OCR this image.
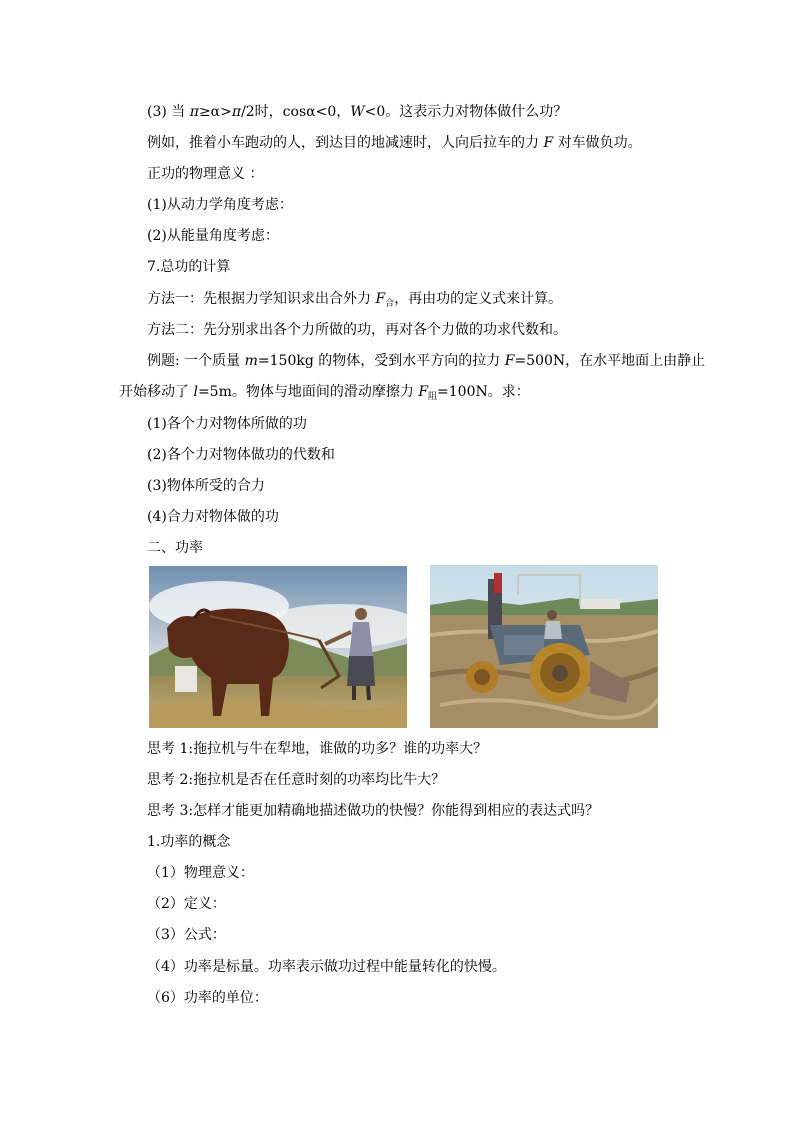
(3) 当 π≥α>π/2时，cosα<0，W<0。这表示力对物体做什么功？
例如，推着小车跑动的人，到达目的地减速时，人向后拉车的力 F 对车做负功。
正功的物理意义 ：
(1)从动力学角度考虑：
(2)从能量角度考虑：
7.总功的计算
方法一：先根据力学知识求出合外力 $F_合$，再由功的定义式来计算。
方法二：先分别求出各个力所做的功，再对各个力做的功求代数和。
例题: 一个质量 m=150kg 的物体，受到水平方向的拉力 F=500N，在水平地面上由静止
开始移动了 l=5m。物体与地面间的滑动摩擦力 $F_阻=100N$。求：
(1)各个力对物体所做的功
(2)各个力对物体做功的代数和
(3)物体所受的合力
(4)合力对物体做的功
二、功率
思考 1:拖拉机与牛在犁地，谁做的功多？谁的功率大？
思考 2:拖拉机是否在任意时刻的功率均比牛大？
思考 3:怎样才能更加精确地描述做功的快慢？你能得到相应的表达式吗？
1.功率的概念
（1）物理意义：
（2）定义：
（3）公式：
（4）功率是标量。功率表示做功过程中能量转化的快慢。
（6）功率的单位：
